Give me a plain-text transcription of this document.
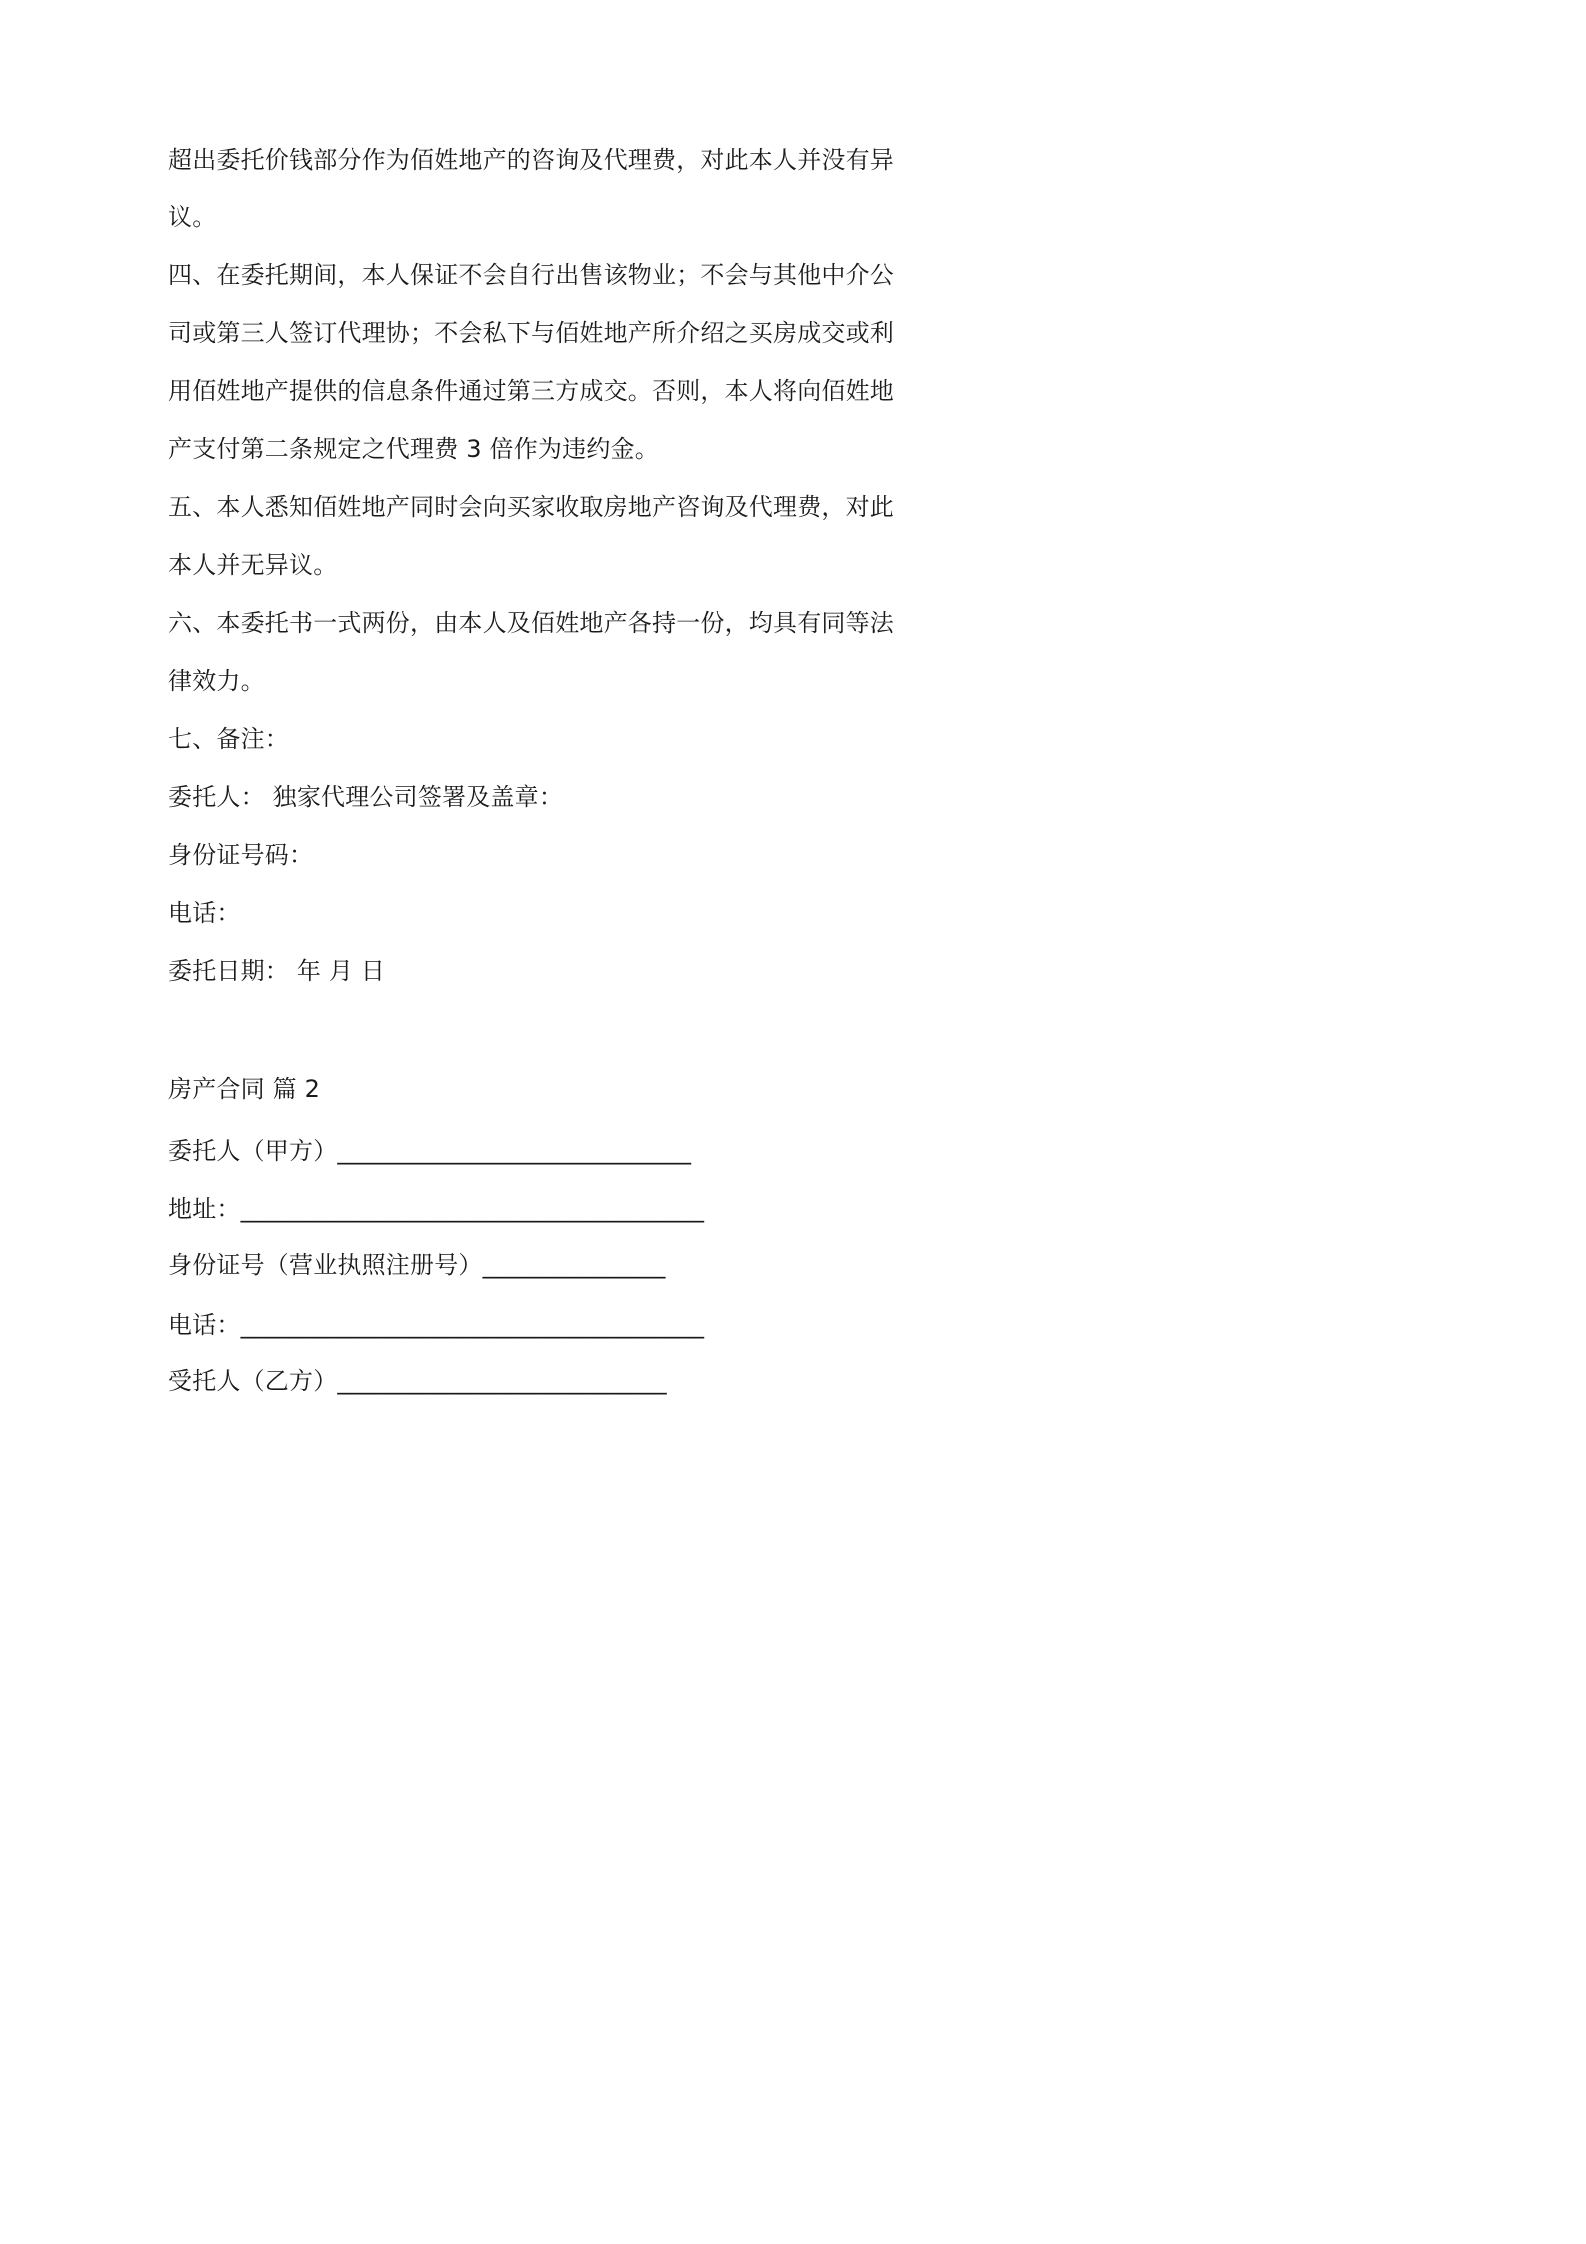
超出委托价钱部分作为佰姓地产的咨询及代理费，对此本人并没有异
议。
四、在委托期间，本人保证不会自行出售该物业；不会与其他中介公
司或第三人签订代理协；不会私下与佰姓地产所介绍之买房成交或利
用佰姓地产提供的信息条件通过第三方成交。否则，本人将向佰姓地
产支付第二条规定之代理费 3 倍作为违约金。
五、本人悉知佰姓地产同时会向买家收取房地产咨询及代理费，对此
本人并无异议。
六、本委托书一式两份，由本人及佰姓地产各持一份，均具有同等法
律效力。
七、备注：
委托人： 独家代理公司签署及盖章：
身份证号码：
电话：
委托日期： 年 月 日
房产合同 篇 2
委托人（甲方）_____________________________
地址：______________________________________
身份证号（营业执照注册号）_______________
电话：______________________________________
受托人（乙方）___________________________
